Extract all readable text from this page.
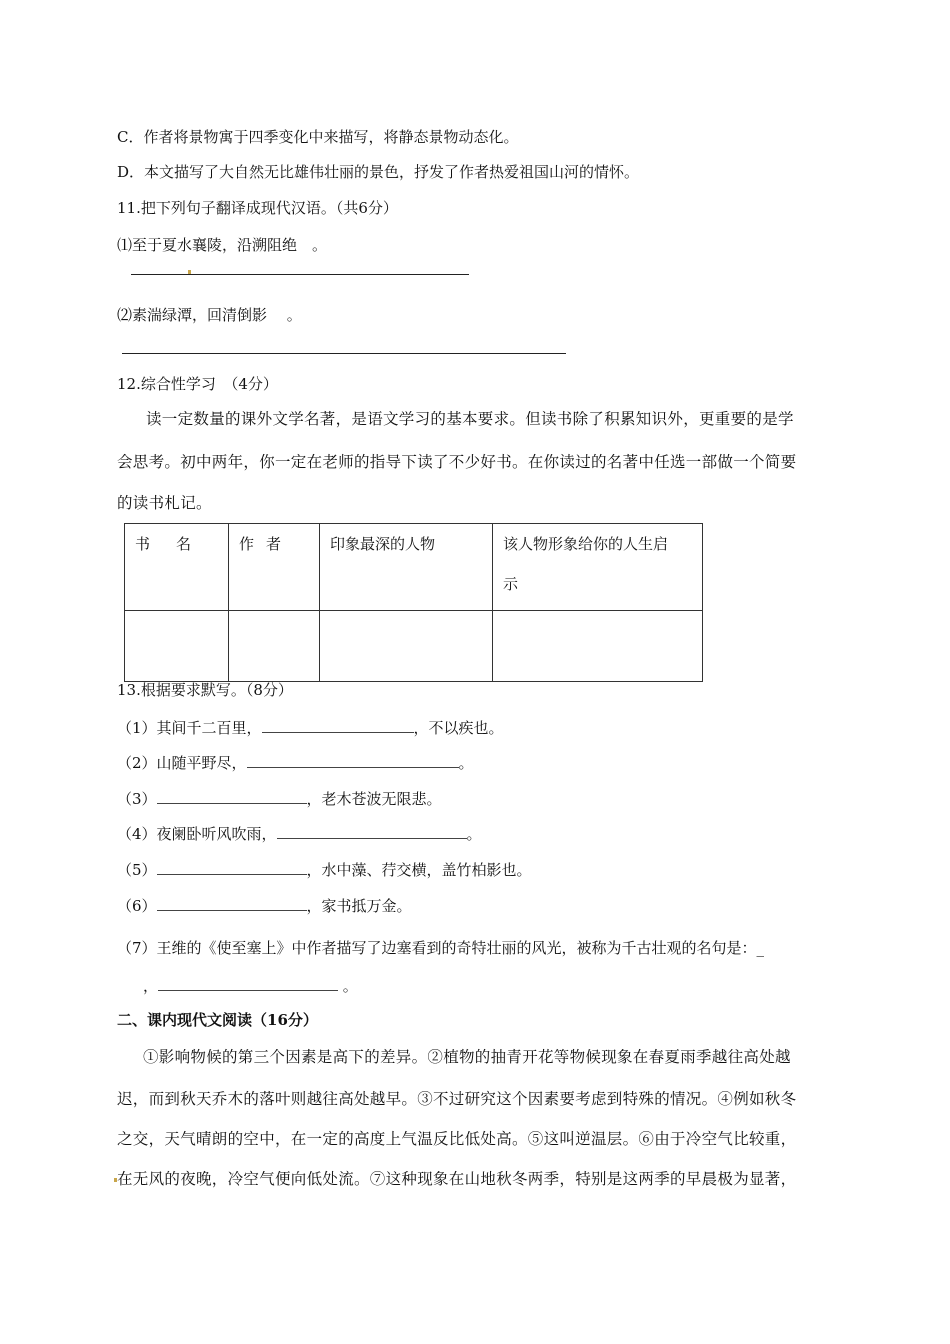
C．作者将景物寓于四季变化中来描写，将静态景物动态化。
D．本文描写了大自然无比雄伟壮丽的景色，抒发了作者热爱祖国山河的情怀。
11.把下列句子翻译成现代汉语。（共6分）
⑴至于夏水襄陵，沿溯阻绝　。
⑵素湍绿潭，回清倒影　 。
12.综合性学习　（4分）
读一定数量的课外文学名著，是语文学习的基本要求。但读书除了积累知识外，更重要的是学
会思考。初中两年，你一定在老师的指导下读了不少好书。在你读过的名著中任选一部做一个简要
的读书札记。
书名	作者	印象最深的人物	该人物形象给你的人生启
示

13.根据要求默写。（8分）
（1）其间千二百里，	，不以疾也。
（2）山随平野尽，	。
（3）	，老木苍波无限悲。
（4）夜阑卧听风吹雨，	。
（5）	，水中藻、荇交横，盖竹柏影也。
（6）	，家书抵万金。
（7）王维的《使至塞上》中作者描写了边塞看到的奇特壮丽的风光，被称为千古壮观的名句是：_
，	。
二、课内现代文阅读（16分）
①影响物候的第三个因素是高下的差异。②植物的抽青开花等物候现象在春夏雨季越往高处越
迟，而到秋天乔木的落叶则越往高处越早。③不过研究这个因素要考虑到特殊的情况。④例如秋冬
之交，天气晴朗的空中，在一定的高度上气温反比低处高。⑤这叫逆温层。⑥由于冷空气比较重，
在无风的夜晚，冷空气便向低处流。⑦这种现象在山地秋冬两季，特别是这两季的早晨极为显著，
